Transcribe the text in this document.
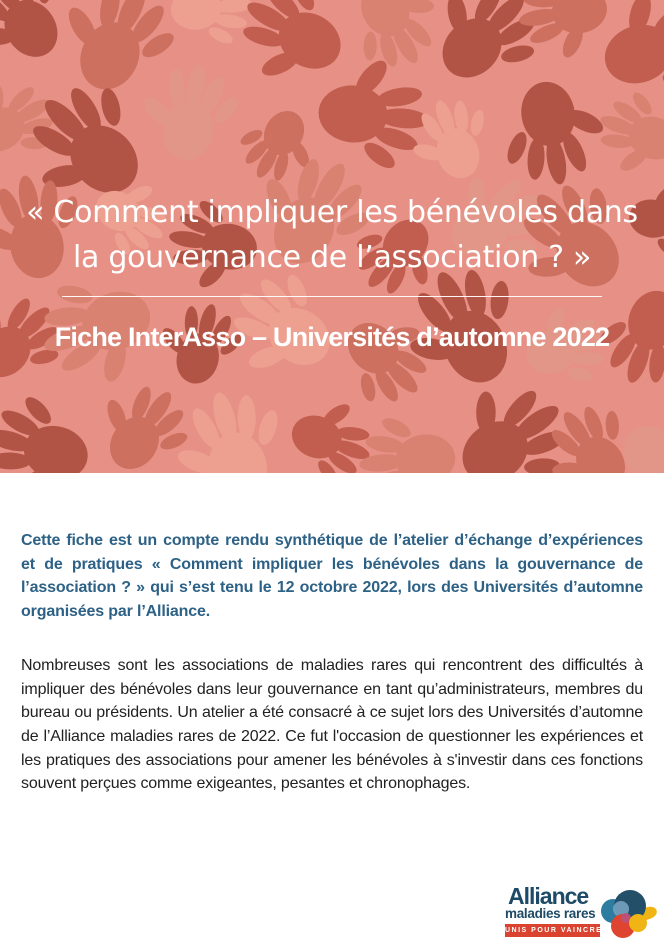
« Comment impliquer les bénévoles dans
la gouvernance de l’association ? »
Fiche InterAsso – Universités d’automne 2022

Cette fiche est un compte rendu synthétique de l’atelier d’échange d’expériences et de pratiques « Comment impliquer les bénévoles dans la gouvernance de l’association ? » qui s’est tenu le 12 octobre 2022, lors des Universités d’automne organisées par l’Alliance.

Nombreuses sont les associations de maladies rares qui rencontrent des difficultés à impliquer des bénévoles dans leur gouvernance en tant qu’administrateurs, membres du bureau ou présidents. Un atelier a été consacré à ce sujet lors des Universités d’automne de l’Alliance maladies rares de 2022. Ce fut l'occasion de questionner les expériences et les pratiques des associations pour amener les bénévoles à s'investir dans ces fonctions souvent perçues comme exigeantes, pesantes et chronophages.

Alliance
maladies rares
UNIS POUR VAINCRE
